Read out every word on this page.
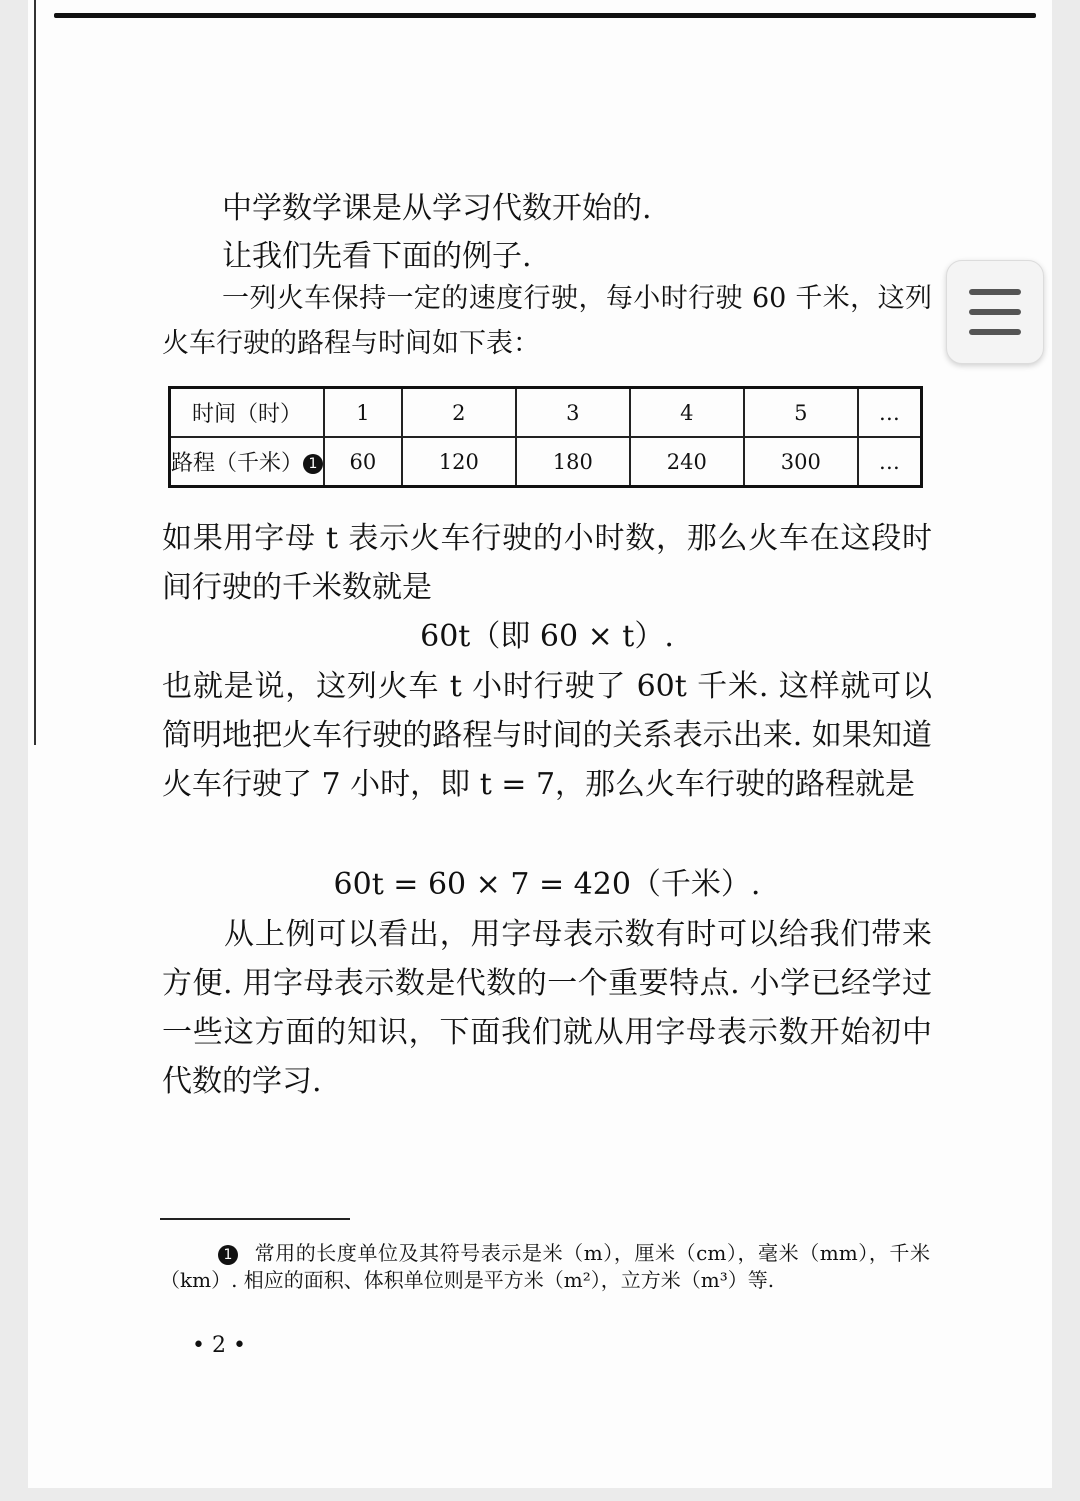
中学数学课是从学习代数开始的.

让我们先看下面的例子.

一列火车保持一定的速度行驶，每小时行驶 60 千米，这列火车行驶的路程与时间如下表：

时间（时）	1	2	3	4	5	…
路程（千米） 1	60	120	180	240	300	…

如果用字母 t 表示火车行驶的小时数，那么火车在这段时间行驶的千米数就是

60t（即 60 × t）.

也就是说，这列火车 t 小时行驶了 60t 千米. 这样就可以简明地把火车行驶的路程与时间的关系表示出来. 如果知道火车行驶了 7 小时，即 t = 7，那么火车行驶的路程就是

60t = 60 × 7 = 420（千米）.

从上例可以看出，用字母表示数有时可以给我们带来方便. 用字母表示数是代数的一个重要特点. 小学已经学过一些这方面的知识，下面我们就从用字母表示数开始初中代数的学习.

1 常用的长度单位及其符号表示是米（m），厘米（cm），毫米（mm），千米（km）. 相应的面积、体积单位则是平方米（m²），立方米（m³）等.

• 2 •
